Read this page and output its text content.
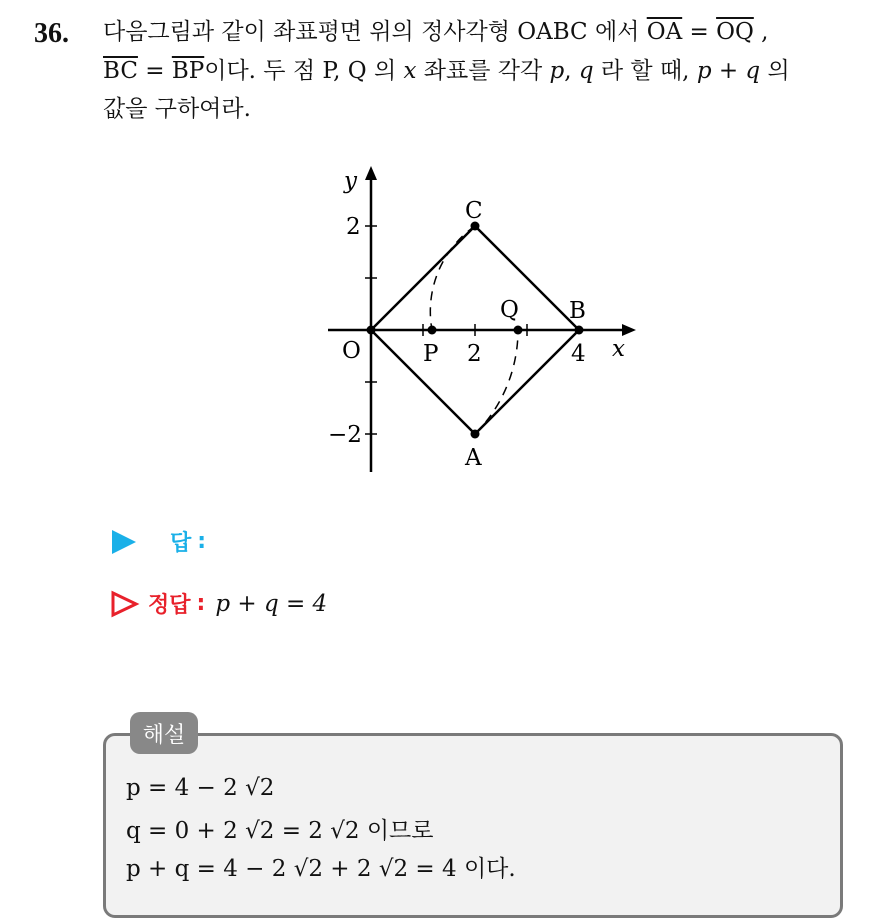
36. 다음그림과 같이 좌표평면 위의 정사각형 OABC 에서 $\overline{OA} = \overline{OQ}$ ,
$\overline{BC} = \overline{BP}$이다. 두 점 P, Q 의 x 좌표를 각각 p, q 라 할 때, p + q 의
값을 구하여라.
y
x
2
−2
2	4
O
A
B
C
P
Q
답 :
정답 : p + q = 4
해설
p = 4 − 2 √2
q = 0 + 2 √2 = 2 √2 이므로
p + q = 4 − 2 √2 + 2 √2 = 4 이다.
